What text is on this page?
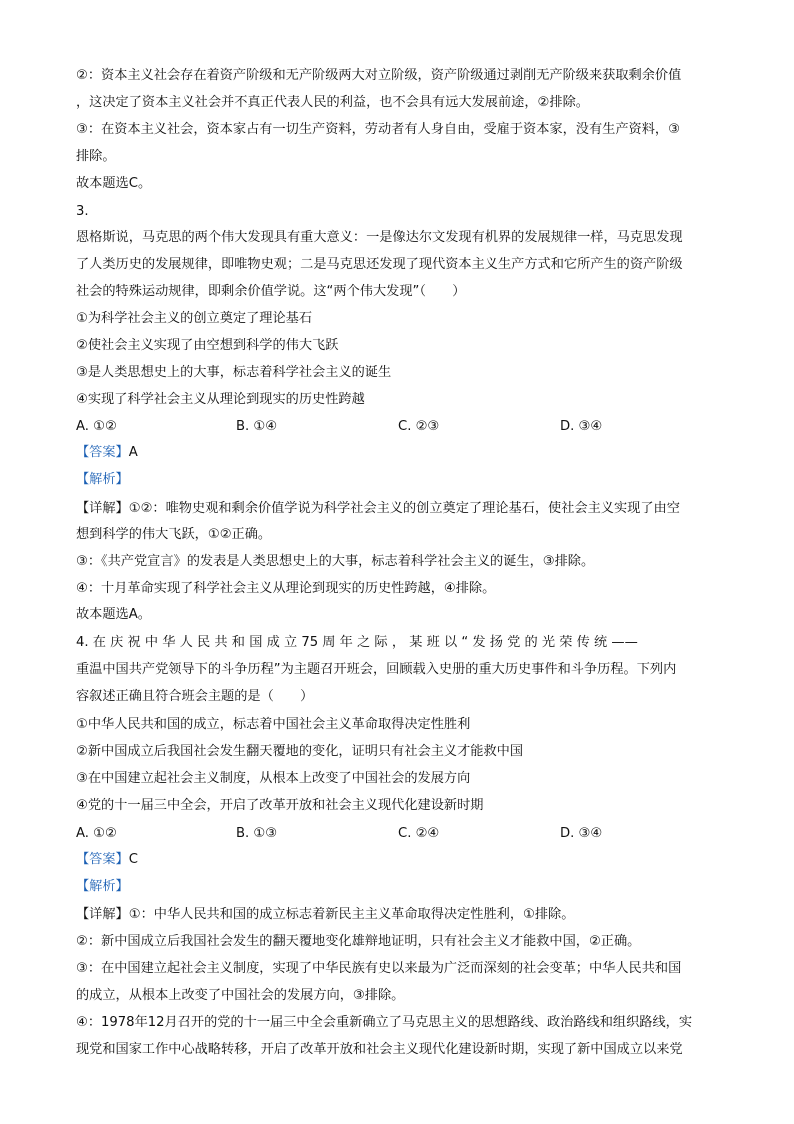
②：资本主义社会存在着资产阶级和无产阶级两大对立阶级，资产阶级通过剥削无产阶级来获取剩余价值
，这决定了资本主义社会并不真正代表人民的利益，也不会具有远大发展前途，②排除。
③：在资本主义社会，资本家占有一切生产资料，劳动者有人身自由，受雇于资本家，没有生产资料，③
排除。
故本题选C。
3.
恩格斯说，马克思的两个伟大发现具有重大意义：一是像达尔文发现有机界的发展规律一样，马克思发现
了人类历史的发展规律，即唯物史观；二是马克思还发现了现代资本主义生产方式和它所产生的资产阶级
社会的特殊运动规律，即剩余价值学说。这“两个伟大发现”（　　）
①为科学社会主义的创立奠定了理论基石
②使社会主义实现了由空想到科学的伟大飞跃
③是人类思想史上的大事，标志着科学社会主义的诞生
④实现了科学社会主义从理论到现实的历史性跨越
A. ①②	B. ①④	C. ②③	D. ③④
【答案】A
【解析】
【详解】①②：唯物史观和剩余价值学说为科学社会主义的创立奠定了理论基石，使社会主义实现了由空
想到科学的伟大飞跃，①②正确。
③：《共产党宣言》的发表是人类思想史上的大事，标志着科学社会主义的诞生，③排除。
④：十月革命实现了科学社会主义从理论到现实的历史性跨越，④排除。
故本题选A。
4. 在 庆 祝 中 华 人 民 共 和 国 成 立 75 周 年 之 际 ， 某 班 以 “ 发 扬 党 的 光 荣 传 统 ——
重温中国共产党领导下的斗争历程”为主题召开班会，回顾载入史册的重大历史事件和斗争历程。下列内
容叙述正确且符合班会主题的是（　　）
①中华人民共和国的成立，标志着中国社会主义革命取得决定性胜利
②新中国成立后我国社会发生翻天覆地的变化，证明只有社会主义才能救中国
③在中国建立起社会主义制度，从根本上改变了中国社会的发展方向
④党的十一届三中全会，开启了改革开放和社会主义现代化建设新时期
A. ①②	B. ①③	C. ②④	D. ③④
【答案】C
【解析】
【详解】①：中华人民共和国的成立标志着新民主主义革命取得决定性胜利，①排除。
②：新中国成立后我国社会发生的翻天覆地变化雄辩地证明，只有社会主义才能救中国，②正确。
③：在中国建立起社会主义制度，实现了中华民族有史以来最为广泛而深刻的社会变革；中华人民共和国
的成立，从根本上改变了中国社会的发展方向，③排除。
④：1978年12月召开的党的十一届三中全会重新确立了马克思主义的思想路线、政治路线和组织路线，实
现党和国家工作中心战略转移，开启了改革开放和社会主义现代化建设新时期，实现了新中国成立以来党
